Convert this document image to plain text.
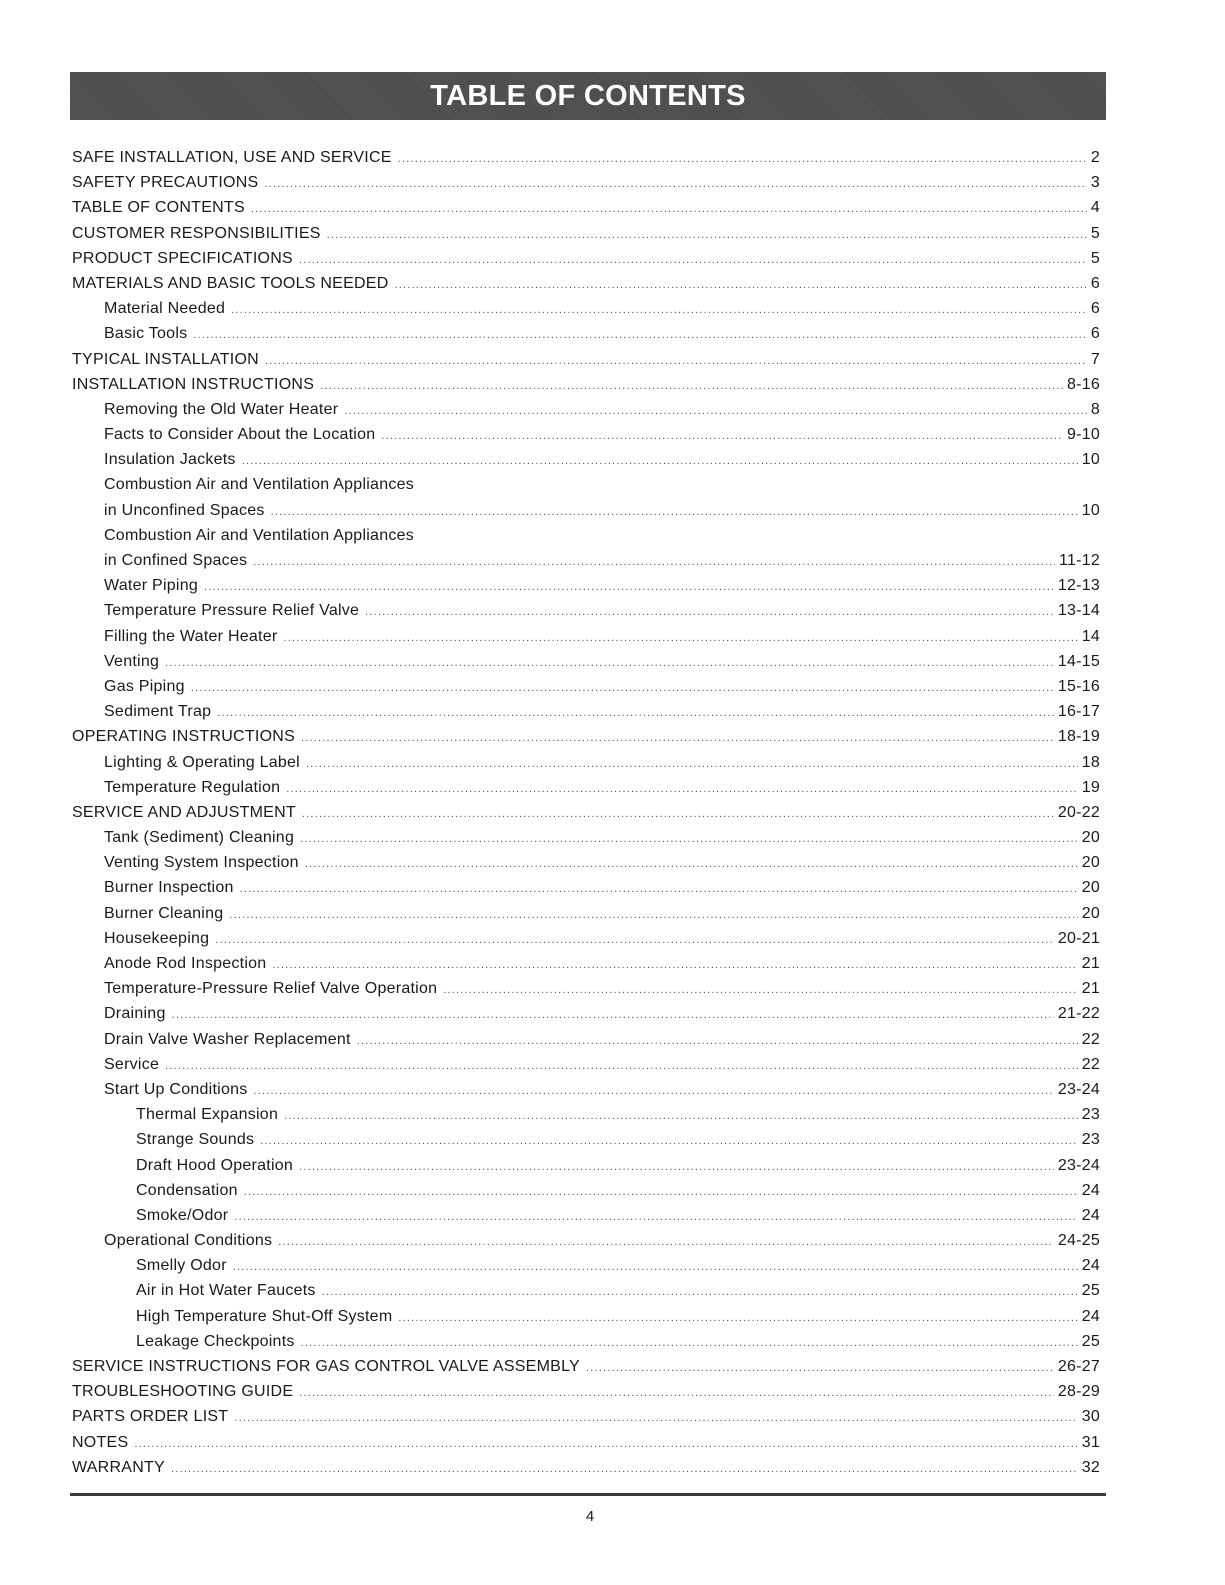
TABLE OF CONTENTS
SAFE INSTALLATION, USE AND SERVICE .....	2
SAFETY PRECAUTIONS .....	3
TABLE OF CONTENTS .....	4
CUSTOMER RESPONSIBILITIES .....	5
PRODUCT SPECIFICATIONS .....	5
MATERIALS AND BASIC TOOLS NEEDED .....	6
Material Needed .....	6
Basic Tools .....	6
TYPICAL INSTALLATION .....	7
INSTALLATION INSTRUCTIONS .....	8-16
Removing the Old Water Heater .....	8
Facts to Consider About the Location .....	9-10
Insulation Jackets .....	10
Combustion Air and Ventilation Appliances
in Unconfined Spaces .....	10
Combustion Air and Ventilation Appliances
in Confined Spaces .....	11-12
Water Piping .....	12-13
Temperature Pressure Relief Valve .....	13-14
Filling the Water Heater .....	14
Venting .....	14-15
Gas Piping .....	15-16
Sediment Trap .....	16-17
OPERATING INSTRUCTIONS .....	18-19
Lighting & Operating Label .....	18
Temperature Regulation .....	19
SERVICE AND ADJUSTMENT .....	20-22
Tank (Sediment) Cleaning .....	20
Venting System Inspection .....	20
Burner Inspection .....	20
Burner Cleaning .....	20
Housekeeping .....	20-21
Anode Rod Inspection .....	21
Temperature-Pressure Relief Valve Operation .....	21
Draining .....	21-22
Drain Valve Washer Replacement .....	22
Service .....	22
Start Up Conditions .....	23-24
Thermal Expansion .....	23
Strange Sounds .....	23
Draft Hood Operation .....	23-24
Condensation .....	24
Smoke/Odor .....	24
Operational Conditions .....	24-25
Smelly Odor .....	24
Air in Hot Water Faucets .....	25
High Temperature Shut-Off System .....	24
Leakage Checkpoints .....	25
SERVICE INSTRUCTIONS FOR GAS CONTROL VALVE ASSEMBLY .....	26-27
TROUBLESHOOTING GUIDE .....	28-29
PARTS ORDER LIST .....	30
NOTES .....	31
WARRANTY .....	32
4
